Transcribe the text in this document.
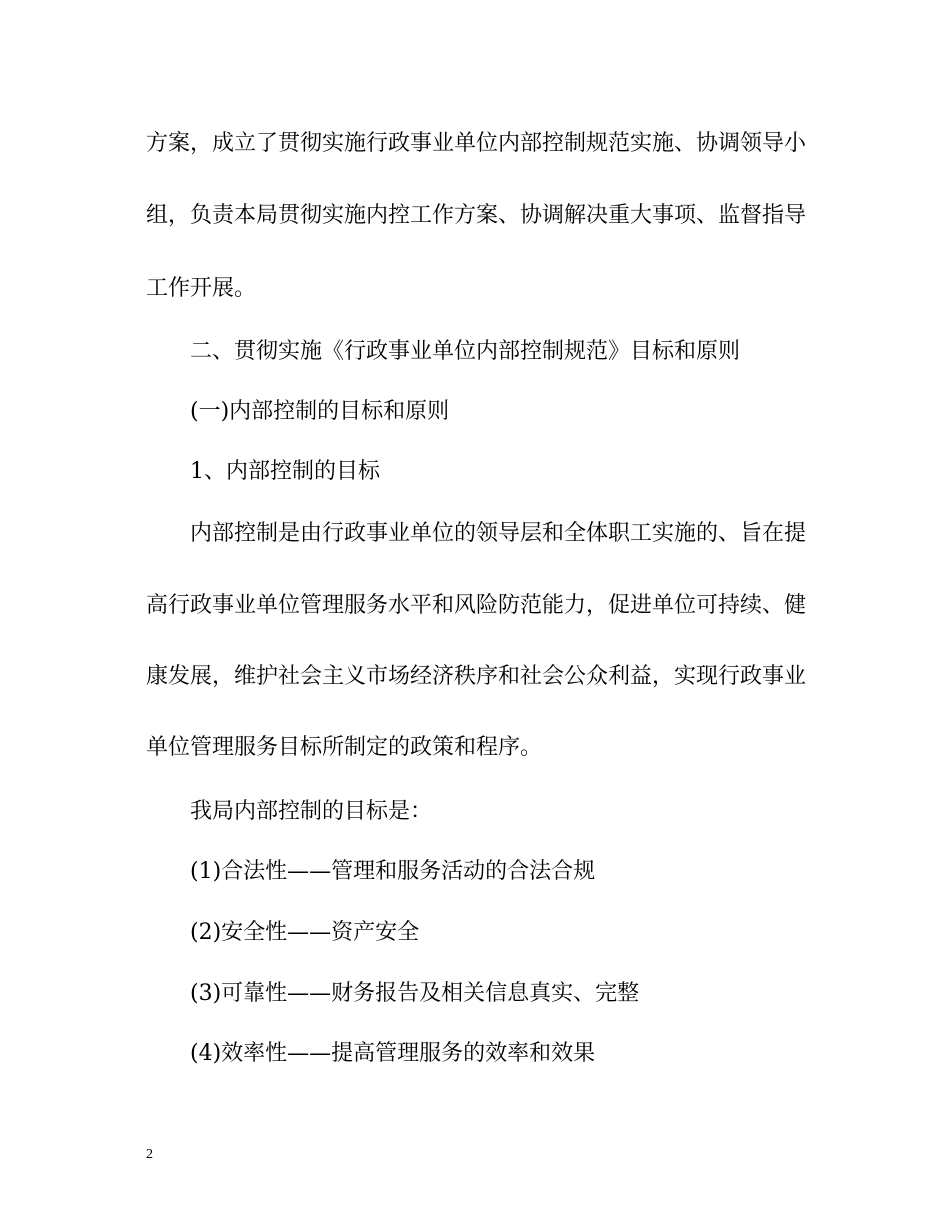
方案，成立了贯彻实施行政事业单位内部控制规范实施、协调领导小
组，负责本局贯彻实施内控工作方案、协调解决重大事项、监督指导
工作开展。
二、贯彻实施《行政事业单位内部控制规范》目标和原则
(一)内部控制的目标和原则
1、内部控制的目标
内部控制是由行政事业单位的领导层和全体职工实施的、旨在提
高行政事业单位管理服务水平和风险防范能力，促进单位可持续、健
康发展，维护社会主义市场经济秩序和社会公众利益，实现行政事业
单位管理服务目标所制定的政策和程序。
我局内部控制的目标是：
(1)合法性——管理和服务活动的合法合规
(2)安全性——资产安全
(3)可靠性——财务报告及相关信息真实、完整
(4)效率性——提高管理服务的效率和效果
2
